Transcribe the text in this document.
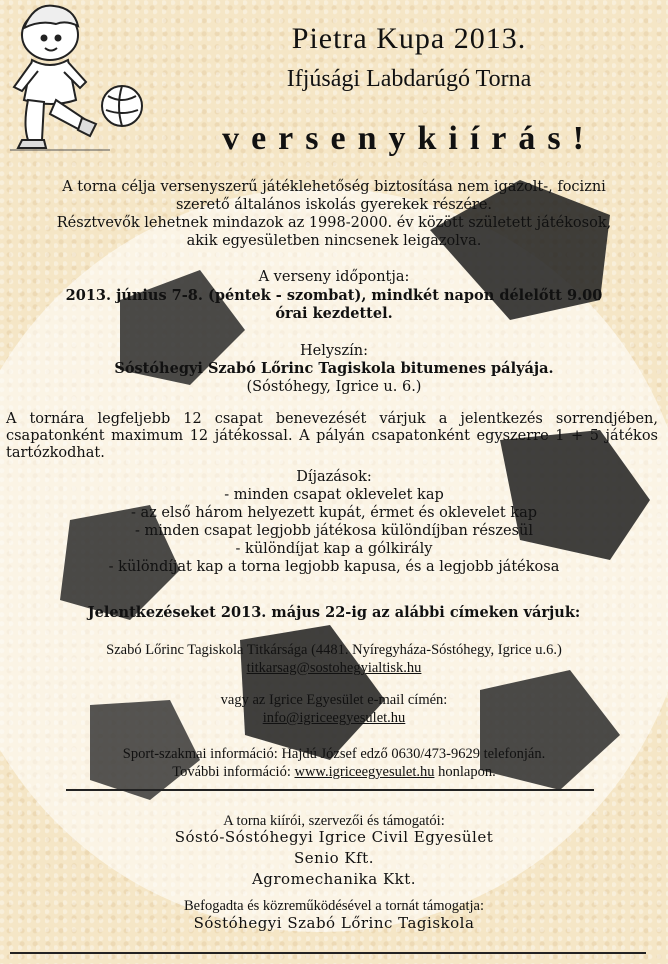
Pietra Kupa 2013.
Ifjúsági Labdarúgó Torna
versenykiírás!
A torna célja versenyszerű játéklehetőség biztosítása nem igazolt-, focizni
szerető általános iskolás gyerekek részére.
Résztvevők lehetnek mindazok az 1998-2000. év között született játékosok,
akik egyesületben nincsenek leigazolva.
A verseny időpontja:
2013. június 7-8. (péntek - szombat), mindkét napon délelőtt 9.00
órai kezdettel.
Helyszín:
Sóstóhegyi Szabó Lőrinc Tagiskola bitumenes pályája.
(Sóstóhegy, Igrice u. 6.)
A tornára legfeljebb 12 csapat benevezését várjuk a jelentkezés sorrendjében, csapatonként maximum 12 játékossal. A pályán csapatonként egyszerre 1 + 5 játékos tartózkodhat.
Díjazások:
- minden csapat oklevelet kap
- az első három helyezett kupát, érmet és oklevelet kap
- minden csapat legjobb játékosa különdíjban részesül
- különdíjat kap a gólkirály
- különdíjat kap a torna legjobb kapusa, és a legjobb játékosa
Jelentkezéseket 2013. május 22-ig az alábbi címeken várjuk:
Szabó Lőrinc Tagiskola Titkársága (4481. Nyíregyháza-Sóstóhegy, Igrice u.6.)
titkarsag@sostohegyialtisk.hu
vagy az Igrice Egyesület e-mail címén:
info@igriceegyesulet.hu
Sport-szakmai információ: Hajdú József edző 0630/473-9629 telefonján.
További információ: www.igriceegyesulet.hu honlapon.
A torna kiírói, szervezői és támogatói:
Sóstó-Sóstóhegyi Igrice Civil Egyesület
Senio Kft.
Agromechanika Kkt.
Befogadta és közreműködésével a tornát támogatja:
Sóstóhegyi Szabó Lőrinc Tagiskola
